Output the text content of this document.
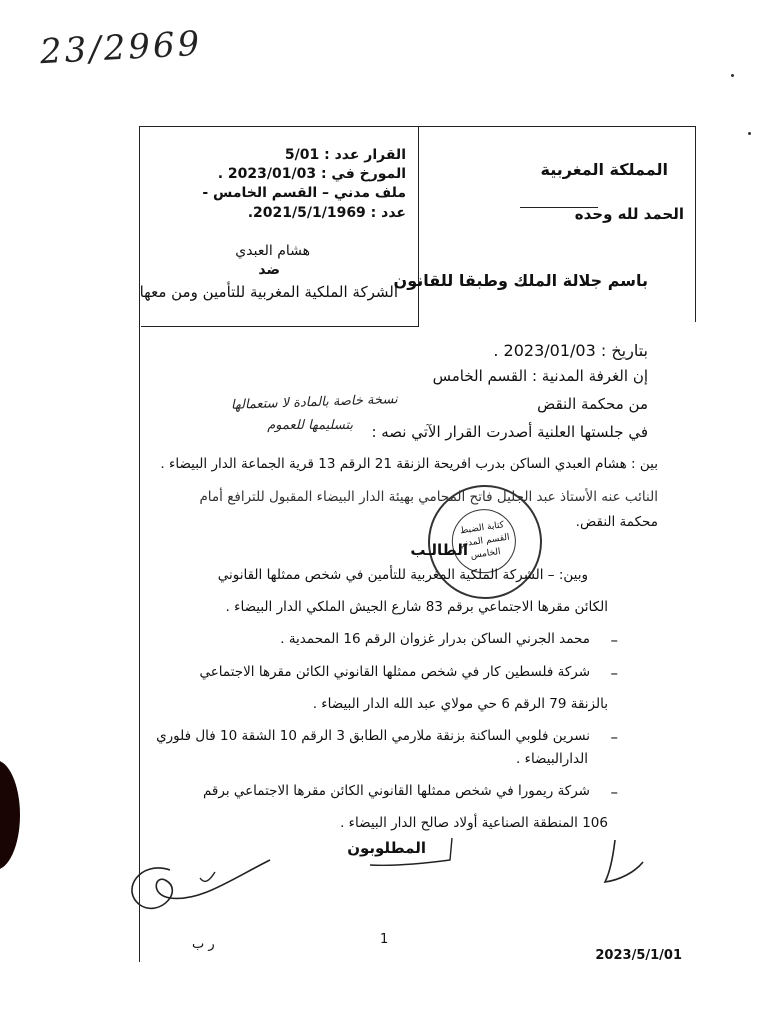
23/2969
القرار عدد : 5/01
المورخ في : 2023/01/03 .
ملف مدني – القسم الخامس -
عدد : 2021/5/1/1969.
هشام العبدي
ضد
الشركة الملكية المغربية للتأمين ومن معها
المملكة المغربية
الحمد لله وحده
باسم جلالة الملك وطبقا للقانون
بتاريخ : 2023/01/03 .
إن الغرفة المدنية : القسم الخامس
من محكمة النقض
في جلستها العلنية أصدرت القرار الآتي نصه :
نسخة خاصة بالمادة لا ستعمالها
بتسليمها للعموم
بين : هشام العبدي الساكن بدرب افريحة الزنقة 21 الرقم 13 قرية الجماعة الدار البيضاء .
النائب عنه الأستاذ عبد الجليل فاتح المحامي بهيئة الدار البيضاء المقبول للترافع أمام
محكمة النقض.
كتابة الضبط
القسم المدني
الخامس
الطالـب
وبين: – الشركة الملكية المغربية للتأمين في شخص ممثلها القانوني
الكائن مقرها الاجتماعي برقم 83 شارع الجيش الملكي الدار البيضاء .
–
محمد الجرني الساكن بدرار غزوان الرقم 16 المحمدية .
–
شركة فلسطين كار في شخص ممثلها القانوني الكائن مقرها الاجتماعي
بالزنقة 79 الرقم 6 حي مولاي عبد الله الدار البيضاء .
–
نسرين فلوبي الساكنة بزنقة ملارمي الطابق 3 الرقم 10 الشقة 10 فال فلوري
الدارالبيضاء .
–
شركة ريمورا في شخص ممثلها القانوني الكائن مقرها الاجتماعي برقم
106 المنطقة الصناعية أولاد صالح الدار البيضاء .
المطلوبون
ر ب	1
2023/5/1/01
